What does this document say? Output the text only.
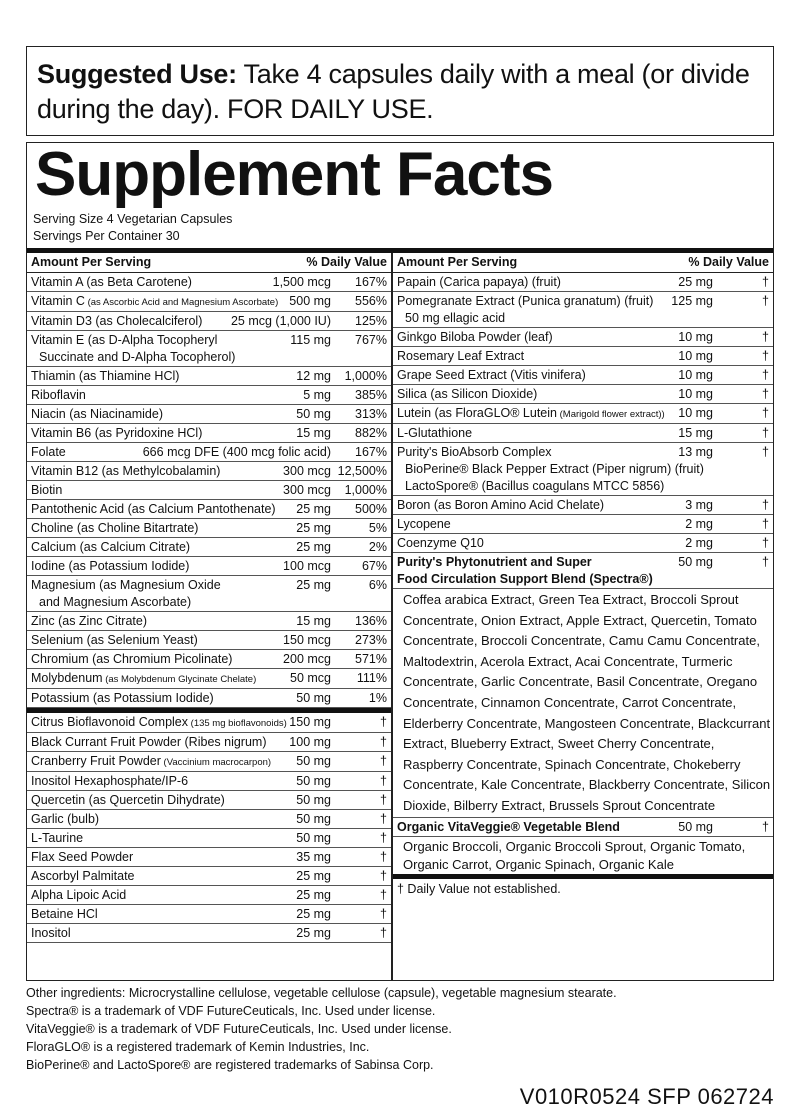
Suggested Use: Take 4 capsules daily with a meal (or divide during the day). FOR DAILY USE.
Supplement Facts
Serving Size 4 Vegetarian Capsules
Servings Per Container 30
Amount Per Serving	% Daily Value
Vitamin A (as Beta Carotene)	1,500 mcg 167%
Vitamin C (as Ascorbic Acid and Magnesium Ascorbate) 500 mg 556%
Vitamin D3 (as Cholecalciferol) 25 mcg (1,000 IU) 125%
Vitamin E (as D-Alpha Tocopheryl
Succinate and D-Alpha Tocopherol)
115 mg 767%
Thiamin (as Thiamine HCl)	12 mg 1,000%
Riboflavin	5 mg 385%
Niacin (as Niacinamide)	50 mg 313%
Vitamin B6 (as Pyridoxine HCl)	15 mg 882%
Folate	666 mcg DFE (400 mcg folic acid) 167%
Vitamin B12 (as Methylcobalamin)	300 mcg 12,500%
Biotin	300 mcg 1,000%
Pantothenic Acid (as Calcium Pantothenate) 25 mg 500%
Choline (as Choline Bitartrate)	25 mg	5%
Calcium (as Calcium Citrate)	25 mg	2%
Iodine (as Potassium Iodide)	100 mcg 67%
Magnesium (as Magnesium Oxide
and Magnesium Ascorbate)
25 mg	6%
Zinc (as Zinc Citrate)	15 mg 136%
Selenium (as Selenium Yeast)	150 mcg 273%
Chromium (as Chromium Picolinate)	200 mcg 571%
Molybdenum (as Molybdenum Glycinate Chelate)	50 mcg 111%
Potassium (as Potassium Iodide)	50 mg	1%
Citrus Bioflavonoid Complex (135 mg bioflavonoids) 150 mg	†
Black Currant Fruit Powder (Ribes nigrum) 100 mg	†
Cranberry Fruit Powder (Vaccinium macrocarpon) 50 mg	†
Inositol Hexaphosphate/IP-6	50 mg	†
Quercetin (as Quercetin Dihydrate)	50 mg	†
Garlic (bulb)	50 mg	†
L-Taurine	50 mg	†
Flax Seed Powder	35 mg	†
Ascorbyl Palmitate	25 mg	†
Alpha Lipoic Acid	25 mg	†
Betaine HCl	25 mg	†
Inositol	25 mg	†
Amount Per Serving	% Daily Value
Papain (Carica papaya) (fruit)	25 mg	†
Pomegranate Extract (Punica granatum) (fruit)
50 mg ellagic acid
125 mg	†
Ginkgo Biloba Powder (leaf)	10 mg	†
Rosemary Leaf Extract	10 mg	†
Grape Seed Extract (Vitis vinifera)	10 mg	†
Silica (as Silicon Dioxide)	10 mg	†
Lutein (as FloraGLO® Lutein (Marigold flower extract)) 10 mg	†
L-Glutathione	15 mg	†
Purity's BioAbsorb Complex
BioPerine® Black Pepper Extract (Piper nigrum) (fruit)
LactoSpore® (Bacillus coagulans MTCC 5856)
13 mg	†
Boron (as Boron Amino Acid Chelate)	3 mg	†
Lycopene	2 mg	†
Coenzyme Q10	2 mg	†
Purity's Phytonutrient and Super
Food Circulation Support Blend (Spectra®)
50 mg	†
Coffea arabica Extract, Green Tea Extract, Broccoli Sprout Concentrate, Onion Extract, Apple Extract, Quercetin, Tomato Concentrate, Broccoli Concentrate, Camu Camu Concentrate, Maltodextrin, Acerola Extract, Acai Concentrate, Turmeric Concentrate, Garlic Concentrate, Basil Concentrate, Oregano Concentrate, Cinnamon Concentrate, Carrot Concentrate, Elderberry Concentrate, Mangosteen Concentrate, Blackcurrant Extract, Blueberry Extract, Sweet Cherry Concentrate, Raspberry Concentrate, Spinach Concentrate, Chokeberry Concentrate, Kale Concentrate, Blackberry Concentrate, Silicon Dioxide, Bilberry Extract, Brussels Sprout Concentrate
Organic VitaVeggie® Vegetable Blend	50 mg	†
Organic Broccoli, Organic Broccoli Sprout, Organic Tomato, Organic Carrot, Organic Spinach, Organic Kale
† Daily Value not established.
Other ingredients: Microcrystalline cellulose, vegetable cellulose (capsule), vegetable magnesium stearate.
Spectra® is a trademark of VDF FutureCeuticals, Inc. Used under license.
VitaVeggie® is a trademark of VDF FutureCeuticals, Inc. Used under license.
FloraGLO® is a registered trademark of Kemin Industries, Inc.
BioPerine® and LactoSpore® are registered trademarks of Sabinsa Corp.
V010R0524 SFP 062724
